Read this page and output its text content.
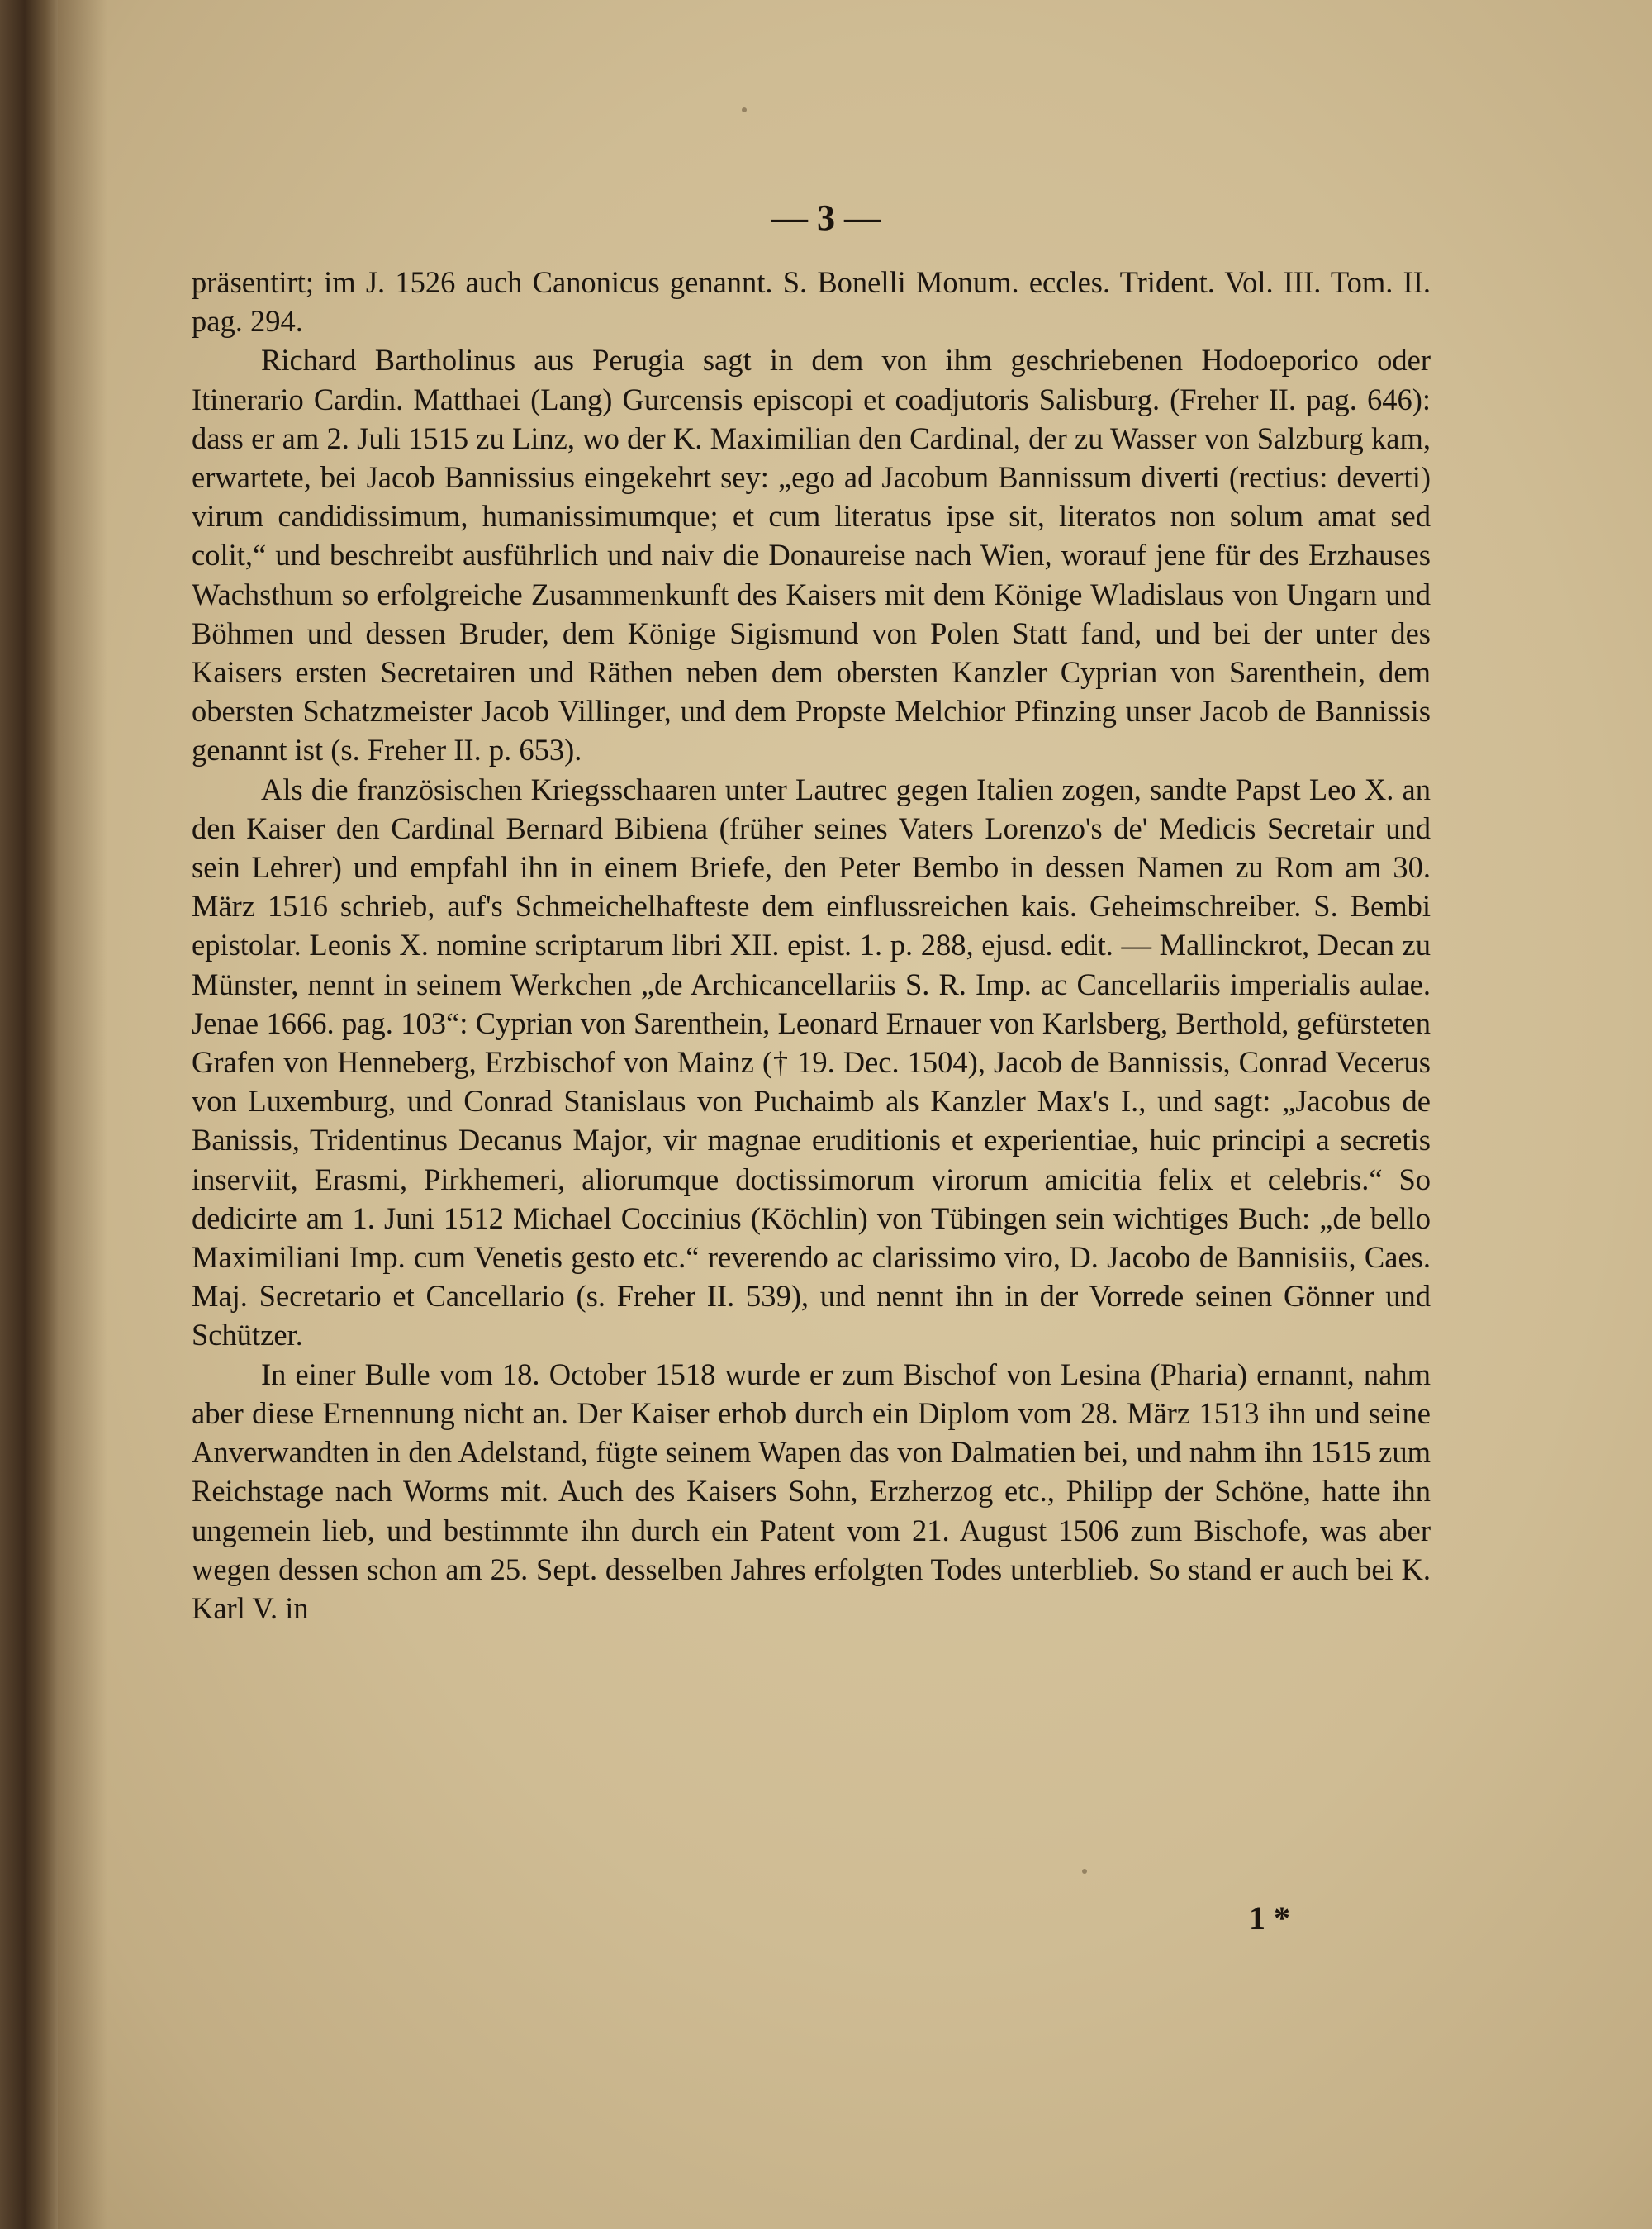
— 3 —

präsentirt; im J. 1526 auch Canonicus genannt. S. Bonelli Monum. eccles. Trident. Vol. III. Tom. II. pag. 294.

Richard Bartholinus aus Perugia sagt in dem von ihm geschriebenen Hodoeporico oder Itinerario Cardin. Matthaei (Lang) Gurcensis episcopi et coadjutoris Salisburg. (Freher II. pag. 646): dass er am 2. Juli 1515 zu Linz, wo der K. Maximilian den Cardinal, der zu Wasser von Salzburg kam, erwartete, bei Jacob Bannissius eingekehrt sey: „ego ad Jacobum Bannissum diverti (rectius: deverti) virum candidissimum, humanissimumque; et cum literatus ipse sit, literatos non solum amat sed colit,“ und beschreibt ausführlich und naiv die Donaureise nach Wien, worauf jene für des Erzhauses Wachsthum so erfolgreiche Zusammenkunft des Kaisers mit dem Könige Wladislaus von Ungarn und Böhmen und dessen Bruder, dem Könige Sigismund von Polen Statt fand, und bei der unter des Kaisers ersten Secretairen und Räthen neben dem obersten Kanzler Cyprian von Sarenthein, dem obersten Schatzmeister Jacob Villinger, und dem Propste Melchior Pfinzing unser Jacob de Bannissis genannt ist (s. Freher II. p. 653).

Als die französischen Kriegsschaaren unter Lautrec gegen Italien zogen, sandte Papst Leo X. an den Kaiser den Cardinal Bernard Bibiena (früher seines Vaters Lorenzo's de' Medicis Secretair und sein Lehrer) und empfahl ihn in einem Briefe, den Peter Bembo in dessen Namen zu Rom am 30. März 1516 schrieb, auf's Schmeichelhafteste dem einflussreichen kais. Geheimschreiber. S. Bembi epistolar. Leonis X. nomine scriptarum libri XII. epist. 1. p. 288, ejusd. edit. — Mallinckrot, Decan zu Münster, nennt in seinem Werkchen „de Archicancellariis S. R. Imp. ac Cancellariis imperialis aulae. Jenae 1666. pag. 103“: Cyprian von Sarenthein, Leonard Ernauer von Karlsberg, Berthold, gefürsteten Grafen von Henneberg, Erzbischof von Mainz († 19. Dec. 1504), Jacob de Bannissis, Conrad Vecerus von Luxemburg, und Conrad Stanislaus von Puchaimb als Kanzler Max's I., und sagt: „Jacobus de Banissis, Tridentinus Decanus Major, vir magnae eruditionis et experientiae, huic principi a secretis inserviit, Erasmi, Pirkhemeri, aliorumque doctissimorum virorum amicitia felix et celebris.“ So dedicirte am 1. Juni 1512 Michael Coccinius (Köchlin) von Tübingen sein wichtiges Buch: „de bello Maximiliani Imp. cum Venetis gesto etc.“ reverendo ac clarissimo viro, D. Jacobo de Bannisiis, Caes. Maj. Secretario et Cancellario (s. Freher II. 539), und nennt ihn in der Vorrede seinen Gönner und Schützer.

In einer Bulle vom 18. October 1518 wurde er zum Bischof von Lesina (Pharia) ernannt, nahm aber diese Ernennung nicht an. Der Kaiser erhob durch ein Diplom vom 28. März 1513 ihn und seine Anverwandten in den Adelstand, fügte seinem Wapen das von Dalmatien bei, und nahm ihn 1515 zum Reichstage nach Worms mit. Auch des Kaisers Sohn, Erzherzog etc., Philipp der Schöne, hatte ihn ungemein lieb, und bestimmte ihn durch ein Patent vom 21. August 1506 zum Bischofe, was aber wegen dessen schon am 25. Sept. desselben Jahres erfolgten Todes unterblieb. So stand er auch bei K. Karl V. in

1 *
